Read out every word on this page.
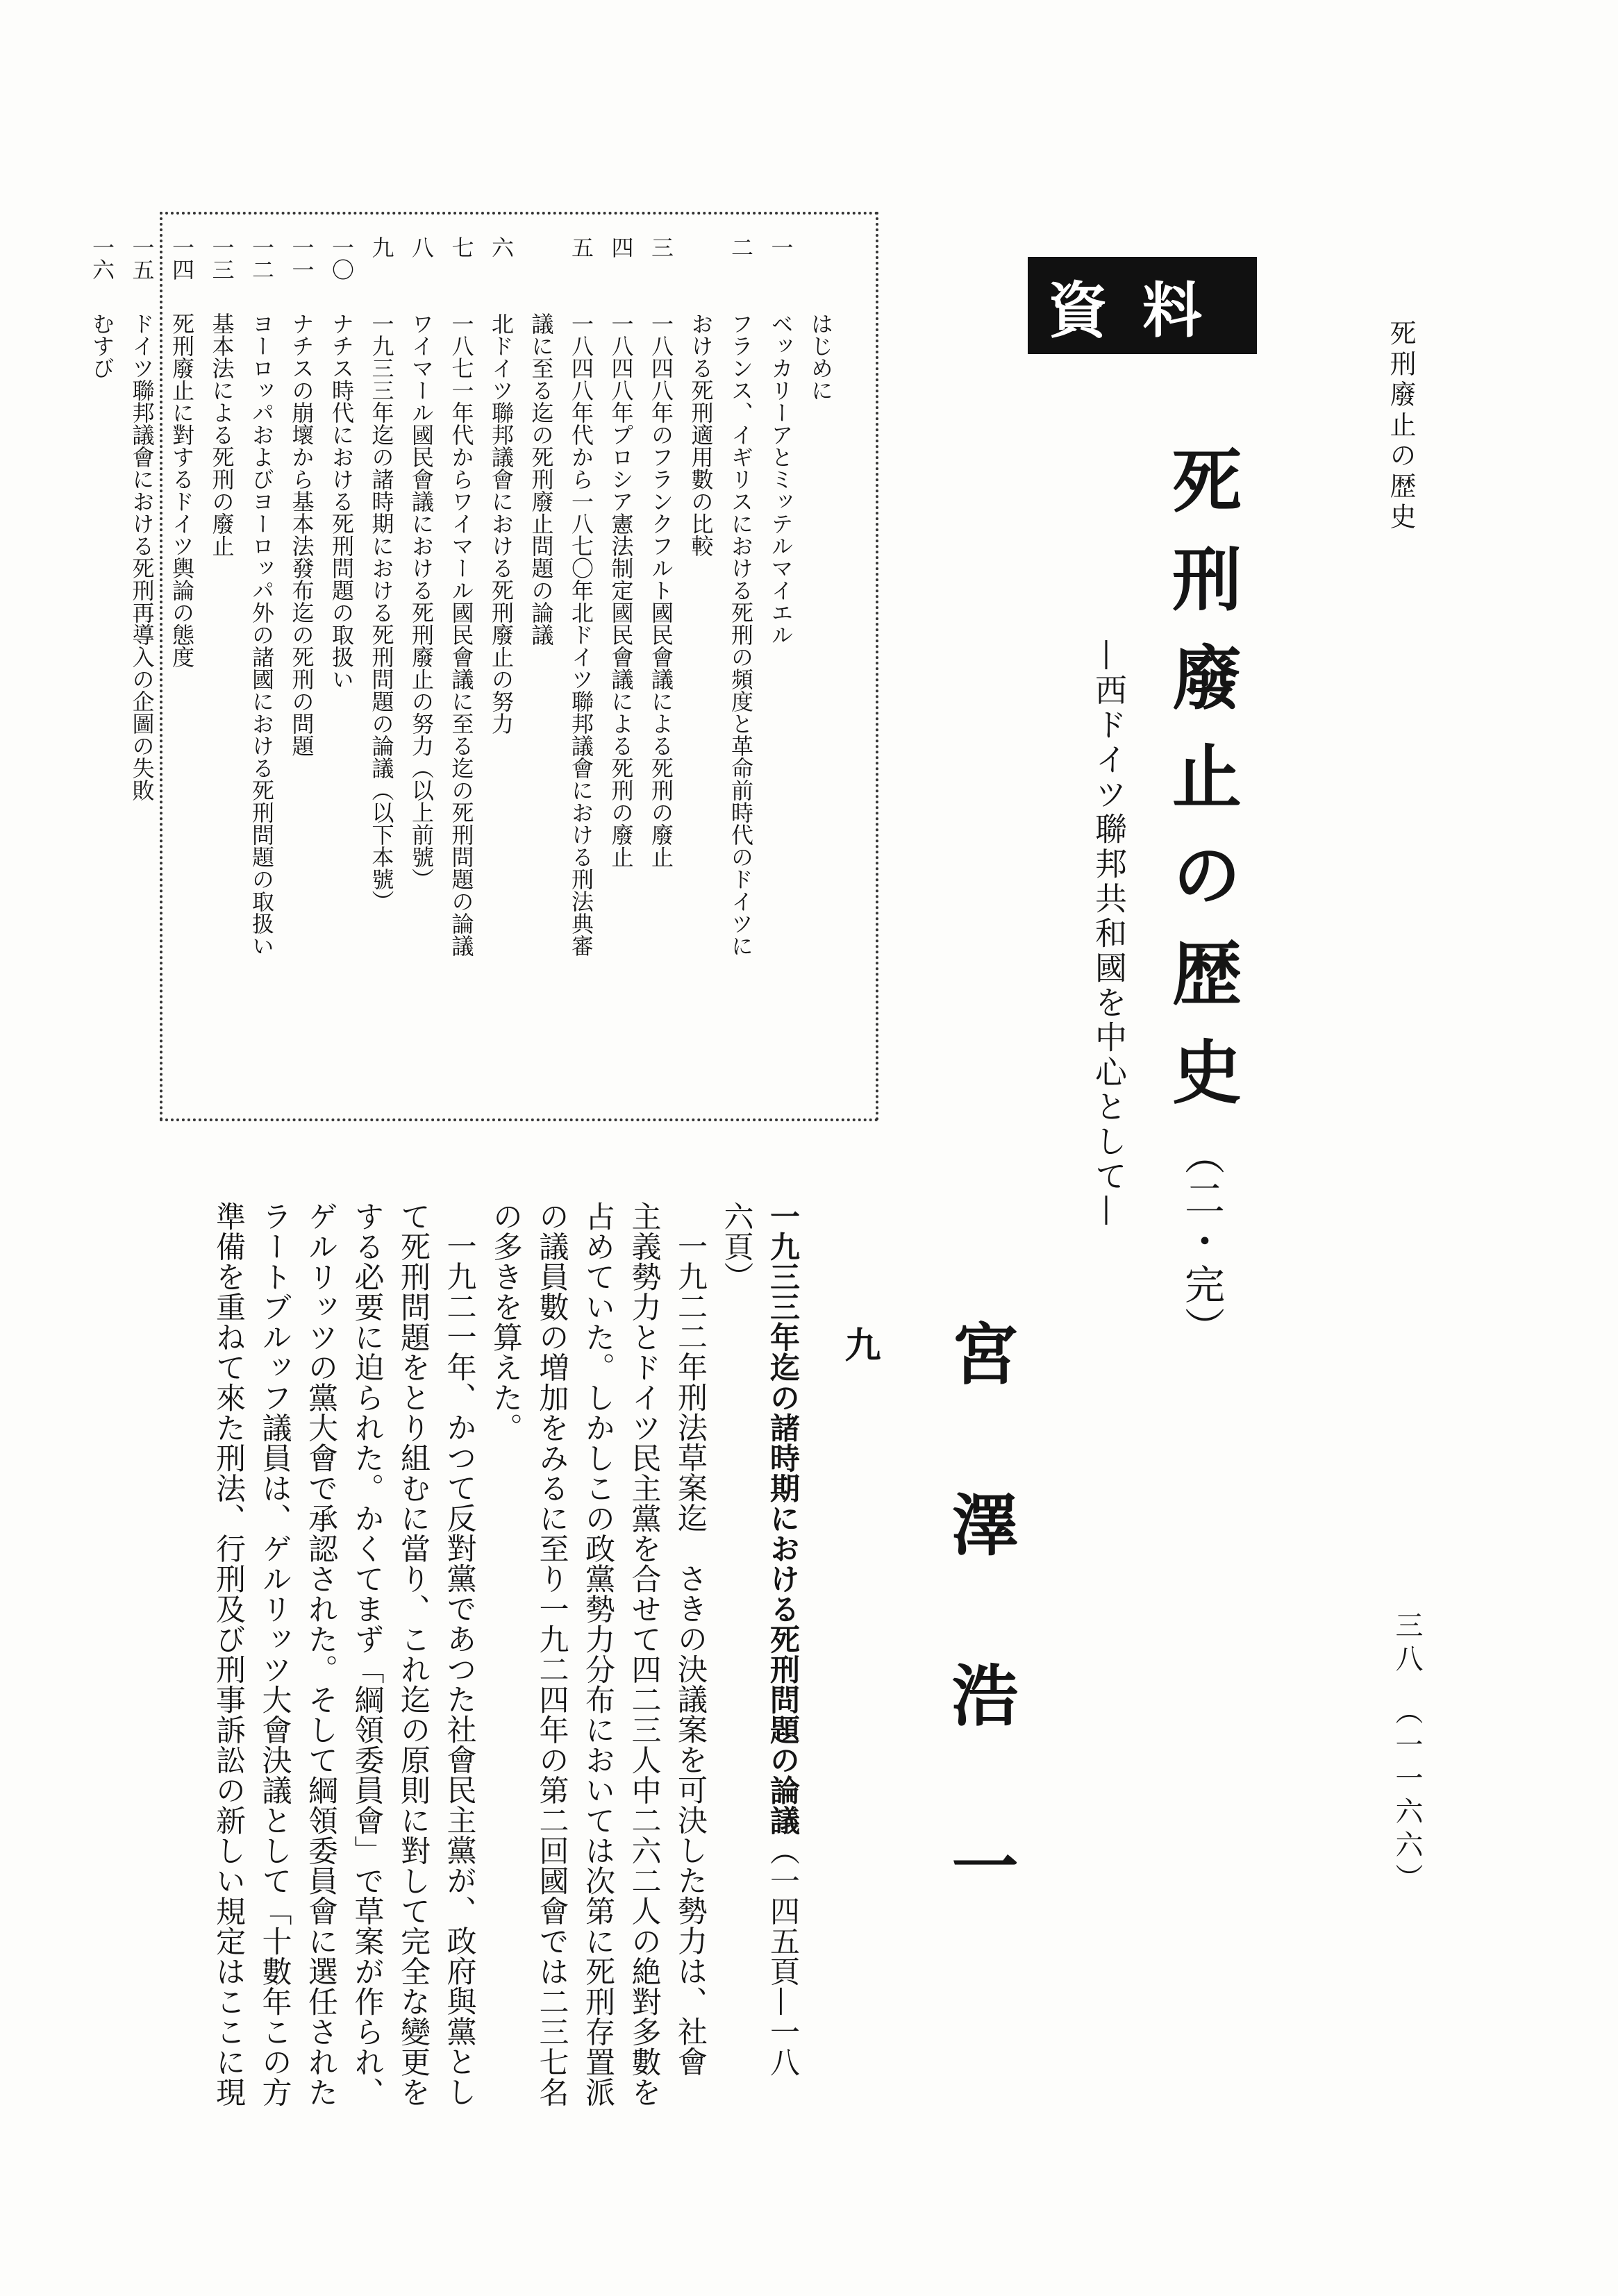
死刑廢止の歴史
三八　（一一六六）
資料
死刑廢止の歴史（二・完）
—西ドイツ聯邦共和國を中心として—
宮澤浩一
はじめに
一ベッカリーアとミッテルマイエル
二フランス、イギリスにおける死刑の頻度と革命前時代のドイツに
おける死刑適用數の比較
三一八四八年のフランクフルト國民會議による死刑の廢止
四一八四八年プロシア憲法制定國民會議による死刑の廢止
五一八四八年代から一八七〇年北ドイツ聯邦議會における刑法典審
議に至る迄の死刑廢止問題の論議
六北ドイツ聯邦議會における死刑廢止の努力
七一八七一年代からワイマール國民會議に至る迄の死刑問題の論議
八ワイマール國民會議における死刑廢止の努力（以上前號）
九一九三三年迄の諸時期における死刑問題の論議（以下本號）
一〇ナチス時代における死刑問題の取扱い
一一ナチスの崩壞から基本法發布迄の死刑の問題
一二ヨーロッパおよびヨーロッパ外の諸國における死刑問題の取扱い
一三基本法による死刑の廢止
一四死刑廢止に對するドイツ輿論の態度
一五ドイツ聯邦議會における死刑再導入の企圖の失敗
一六むすび
九
一九三三年迄の諸時期における死刑問題の論議（一四五頁—一八
六頁）
一九二二年刑法草案迄　さきの決議案を可決した勢力は、社會
主義勢力とドイツ民主黨を合せて四二三人中二六二人の絶對多數を
占めていた。しかしこの政黨勢力分布においては次第に死刑存置派
の議員數の増加をみるに至り一九二四年の第二回國會では二三七名
の多きを算えた。
一九二一年、かつて反對黨であつた社會民主黨が、政府與黨とし
て死刑問題をとり組むに當り、これ迄の原則に對して完全な變更を
する必要に迫られた。かくてまず「綱領委員會」で草案が作られ、
ゲルリッツの黨大會で承認された。そして綱領委員會に選任された
ラートブルッフ議員は、ゲルリッツ大會決議として「十數年この方
準備を重ねて來た刑法、行刑及び刑事訴訟の新しい規定はここに現
